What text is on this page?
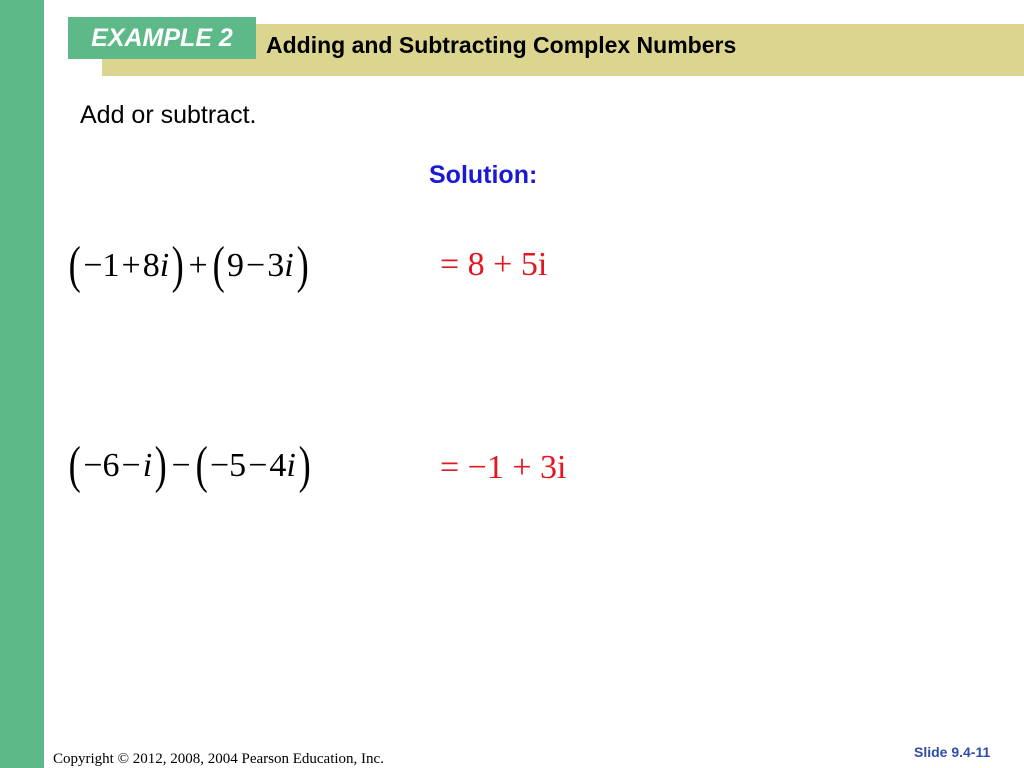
EXAMPLE 2 Adding and Subtracting Complex Numbers
Add or subtract.
Solution:
( −1 + 8i ) + ( 9 − 3i )	= 8 + 5i
( −6 − i ) − ( −5 − 4i )	= −1 + 3i
Copyright © 2012, 2008, 2004 Pearson Education, Inc.	Slide 9.4-11
